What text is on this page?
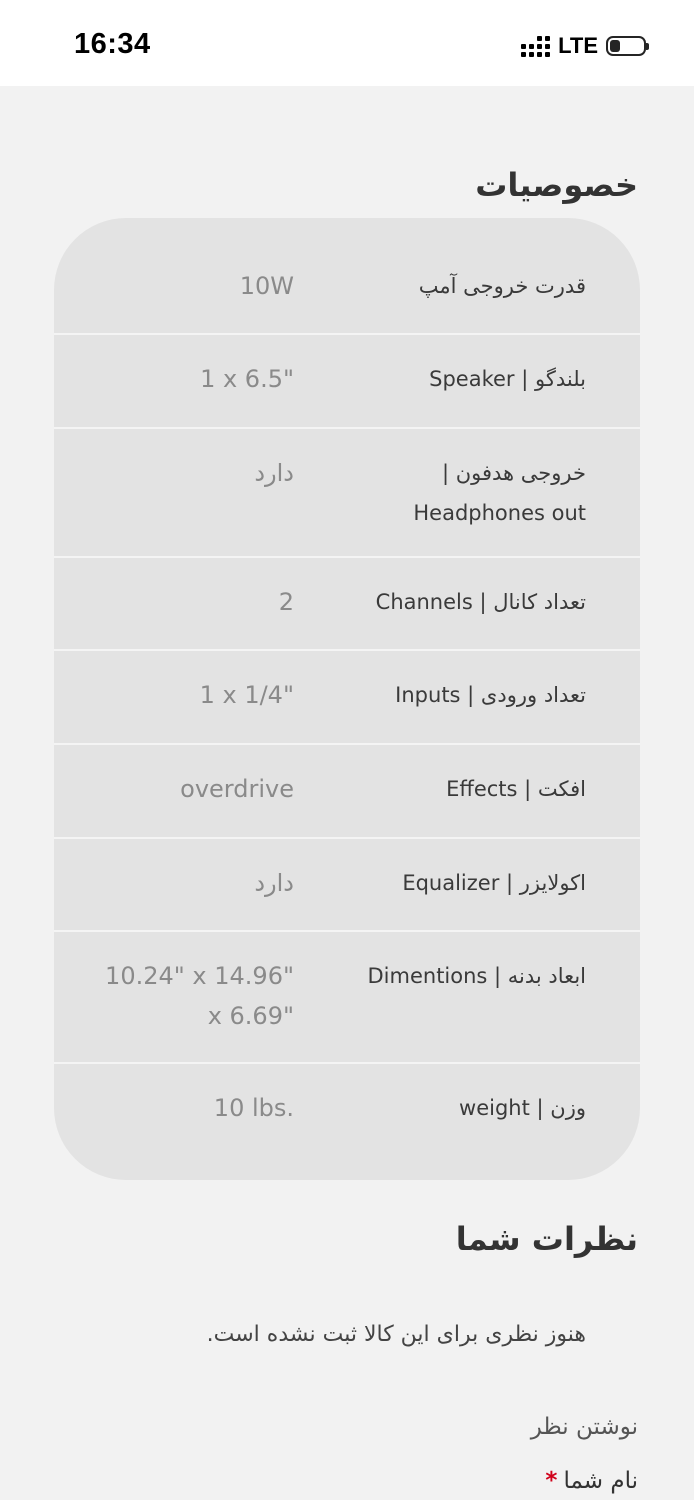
16:34	LTE
خصوصیات
قدرت خروجی آمپ
10W
بلندگو | Speaker
1 x 6.5"
خروجی هدفون | Headphones out
دارد
تعداد کانال | Channels
2
تعداد ورودی | Inputs
1 x 1/4"
افکت | Effects
overdrive
اکولایزر | Equalizer
دارد
ابعاد بدنه | Dimentions
10.24" x 14.96" x 6.69"
وزن | weight
10 lbs.
نظرات شما
هنوز نظری برای این کالا ثبت نشده است.
نوشتن نظر
نام شما
*
